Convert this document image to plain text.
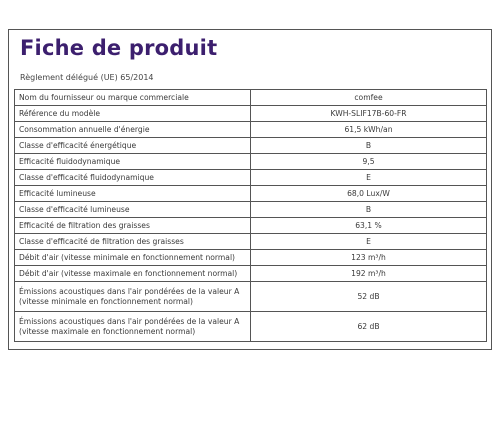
Fiche de produit
Règlement délégué (UE) 65/2014
Nom du fournisseur ou marque commerciale	comfee
Référence du modèle	KWH-SLIF17B-60-FR
Consommation annuelle d'énergie	61,5 kWh/an
Classe d'efficacité énergétique	B
Efficacité fluidodynamique	9,5
Classe d'efficacité fluidodynamique	E
Efficacité lumineuse	68,0 Lux/W
Classe d'efficacité lumineuse	B
Efficacité de filtration des graisses	63,1 %
Classe d'efficacité de filtration des graisses	E
Débit d'air (vitesse minimale en fonctionnement normal)	123 m³/h
Débit d'air (vitesse maximale en fonctionnement normal)	192 m³/h
Émissions acoustiques dans l'air pondérées de la valeur A (vitesse minimale en fonctionnement normal)	52 dB
Émissions acoustiques dans l'air pondérées de la valeur A (vitesse maximale en fonctionnement normal)	62 dB
